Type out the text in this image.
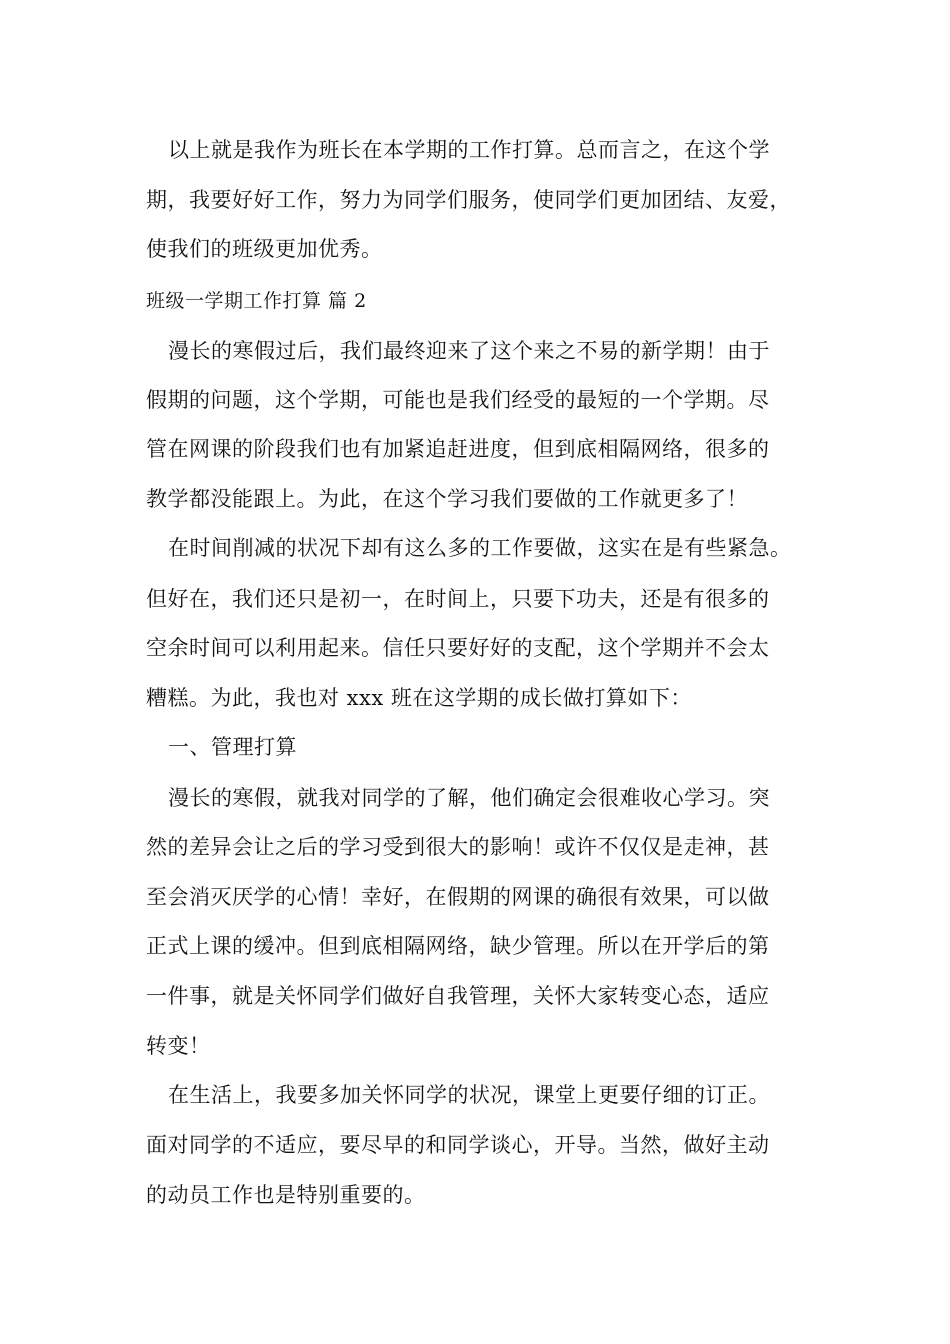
以上就是我作为班长在本学期的工作打算。总而言之，在这个学
期，我要好好工作，努力为同学们服务，使同学们更加团结、友爱，
使我们的班级更加优秀。
班级一学期工作打算 篇 2
漫长的寒假过后，我们最终迎来了这个来之不易的新学期！由于
假期的问题，这个学期，可能也是我们经受的最短的一个学期。尽
管在网课的阶段我们也有加紧追赶进度，但到底相隔网络，很多的
教学都没能跟上。为此，在这个学习我们要做的工作就更多了！
在时间削减的状况下却有这么多的工作要做，这实在是有些紧急。
但好在，我们还只是初一，在时间上，只要下功夫，还是有很多的
空余时间可以利用起来。信任只要好好的支配，这个学期并不会太
糟糕。为此，我也对 xxx 班在这学期的成长做打算如下：
一、管理打算
漫长的寒假，就我对同学的了解，他们确定会很难收心学习。突
然的差异会让之后的学习受到很大的影响！或许不仅仅是走神，甚
至会消灭厌学的心情！幸好，在假期的网课的确很有效果，可以做
正式上课的缓冲。但到底相隔网络，缺少管理。所以在开学后的第
一件事，就是关怀同学们做好自我管理，关怀大家转变心态，适应
转变！
在生活上，我要多加关怀同学的状况，课堂上更要仔细的订正。
面对同学的不适应，要尽早的和同学谈心，开导。当然，做好主动
的动员工作也是特别重要的。
